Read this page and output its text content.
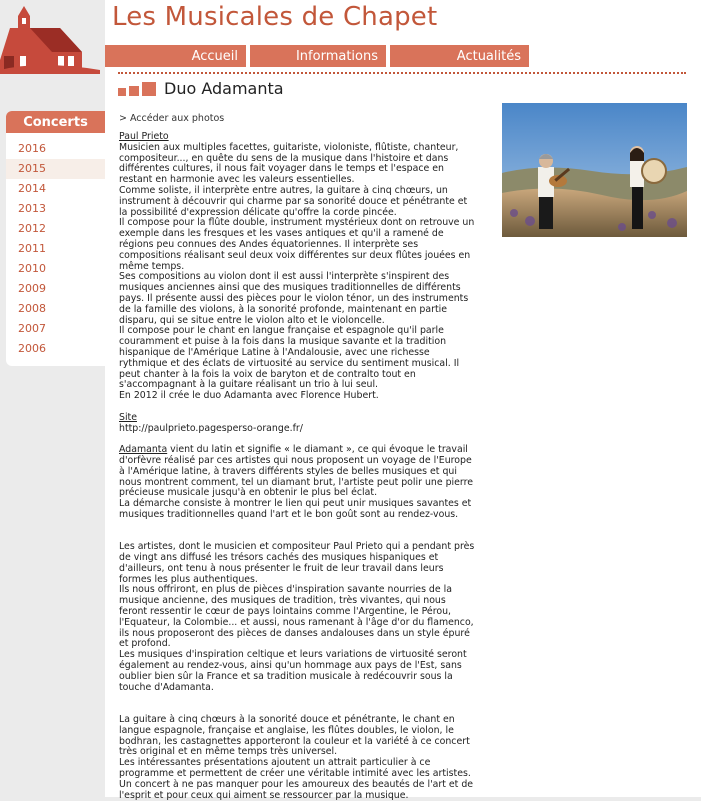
Les Musicales de Chapet
Accueil	Informations	Actualités
Duo Adamanta
Concerts
2016
2015
2014
2013
2012
2011
2010
2009
2008
2007
2006
> Accéder aux photos

Paul Prieto

Musicien aux multiples facettes, guitariste, violoniste, flûtiste, chanteur, compositeur..., en quête du sens de la musique dans l'histoire et dans différentes cultures, il nous fait voyager dans le temps et l'espace en restant en harmonie avec les valeurs essentielles.

Comme soliste, il interprète entre autres, la guitare à cinq chœurs, un instrument à découvrir qui charme par sa sonorité douce et pénétrante et la possibilité d'expression délicate qu'offre la corde pincée.

Il compose pour la flûte double, instrument mystérieux dont on retrouve un exemple dans les fresques et les vases antiques et qu'il a ramené de régions peu connues des Andes équatoriennes. Il interprète ses compositions réalisant seul deux voix différentes sur deux flûtes jouées en même temps.

Ses compositions au violon dont il est aussi l'interprète s'inspirent des musiques anciennes ainsi que des musiques traditionnelles de différents pays. Il présente aussi des pièces pour le violon ténor, un des instruments de la famille des violons, à la sonorité profonde, maintenant en partie disparu, qui se situe entre le violon alto et le violoncelle.

Il compose pour le chant en langue française et espagnole qu'il parle couramment et puise à la fois dans la musique savante et la tradition hispanique de l'Amérique Latine à l'Andalousie, avec une richesse rythmique et des éclats de virtuosité au service du sentiment musical. Il peut chanter à la fois la voix de baryton et de contralto tout en s'accompagnant à la guitare réalisant un trio à lui seul.

En 2012 il crée le duo Adamanta avec Florence Hubert.

Site

http://paulprieto.pagesperso-orange.fr/

Adamanta vient du latin et signifie « le diamant », ce qui évoque le travail d'orfèvre réalisé par ces artistes qui nous proposent un voyage de l'Europe à l'Amérique latine, à travers différents styles de belles musiques et qui nous montrent comment, tel un diamant brut, l'artiste peut polir une pierre précieuse musicale jusqu'à en obtenir le plus bel éclat.

La démarche consiste à montrer le lien qui peut unir musiques savantes et musiques traditionnelles quand l'art et le bon goût sont au rendez-vous.

Les artistes, dont le musicien et compositeur Paul Prieto qui a pendant près de vingt ans diffusé les trésors cachés des musiques hispaniques et d'ailleurs, ont tenu à nous présenter le fruit de leur travail dans leurs formes les plus authentiques.

Ils nous offriront, en plus de pièces d'inspiration savante nourries de la musique ancienne, des musiques de tradition, très vivantes, qui nous feront ressentir le cœur de pays lointains comme l'Argentine, le Pérou, l'Equateur, la Colombie... et aussi, nous ramenant à l'âge d'or du flamenco, ils nous proposeront des pièces de danses andalouses dans un style épuré et profond.

Les musiques d'inspiration celtique et leurs variations de virtuosité seront également au rendez-vous, ainsi qu'un hommage aux pays de l'Est, sans oublier bien sûr la France et sa tradition musicale à redécouvrir sous la touche d'Adamanta.

La guitare à cinq chœurs à la sonorité douce et pénétrante, le chant en langue espagnole, française et anglaise, les flûtes doubles, le violon, le bodhran, les castagnettes apporteront la couleur et la variété à ce concert très original et en même temps très universel.

Les intéressantes présentations ajoutent un attrait particulier à ce programme et permettent de créer une véritable intimité avec les artistes.

Un concert à ne pas manquer pour les amoureux des beautés de l'art et de l'esprit et pour ceux qui aiment se ressourcer par la musique.
